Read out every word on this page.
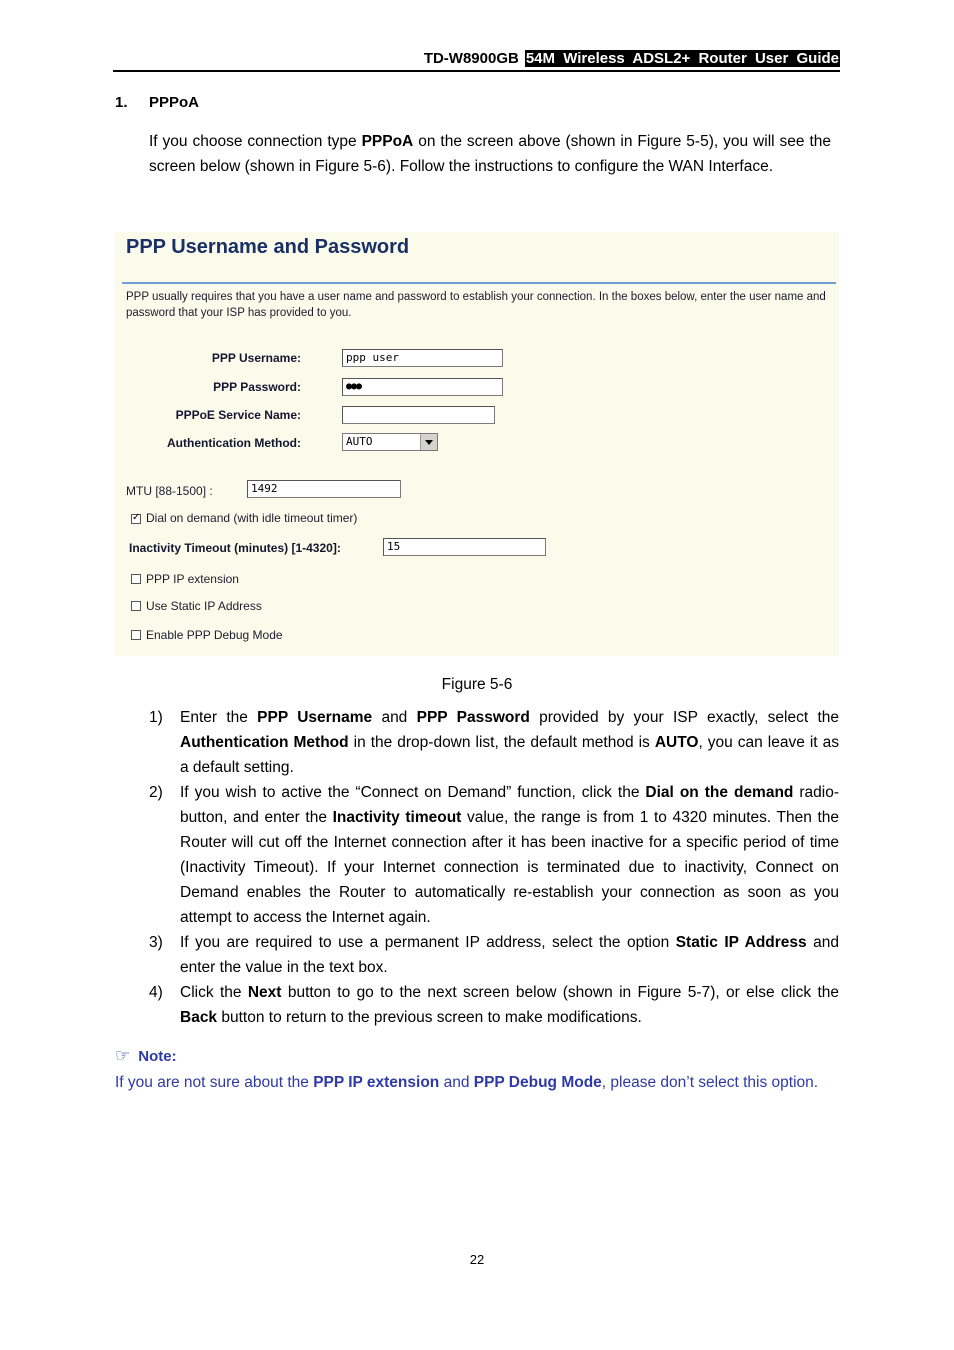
TD-W8900GB 54M Wireless ADSL2+ Router User Guide
1. PPPoA
If you choose connection type PPPoA on the screen above (shown in Figure 5-5), you will see the screen below (shown in Figure 5-6). Follow the instructions to configure the WAN Interface.
PPP Username and Password
PPP usually requires that you have a user name and password to establish your connection. In the boxes below, enter the user name and password that your ISP has provided to you.
PPP Username:	ppp user
PPP Password:	●●●
PPPoE Service Name:
Authentication Method:	AUTO
MTU [88-1500] :	1492
✓
Dial on demand (with idle timeout timer)
Inactivity Timeout (minutes) [1-4320]:	15
PPP IP extension
Use Static IP Address
Enable PPP Debug Mode
Figure 5-6
1)	Enter the PPP Username and PPP Password provided by your ISP exactly, select the Authentication Method in the drop-down list, the default method is AUTO, you can leave it as a default setting.
2)	If you wish to active the “Connect on Demand” function, click the Dial on the demand radio-button, and enter the Inactivity timeout value, the range is from 1 to 4320 minutes. Then the Router will cut off the Internet connection after it has been inactive for a specific period of time (Inactivity Timeout). If your Internet connection is terminated due to inactivity, Connect on Demand enables the Router to automatically re-establish your connection as soon as you attempt to access the Internet again.
3)	If you are required to use a permanent IP address, select the option Static IP Address and enter the value in the text box.
4)	Click the Next button to go to the next screen below (shown in Figure 5-7), or else click the Back button to return to the previous screen to make modifications.
☞ Note:
If you are not sure about the PPP IP extension and PPP Debug Mode, please don’t select this option.
22
